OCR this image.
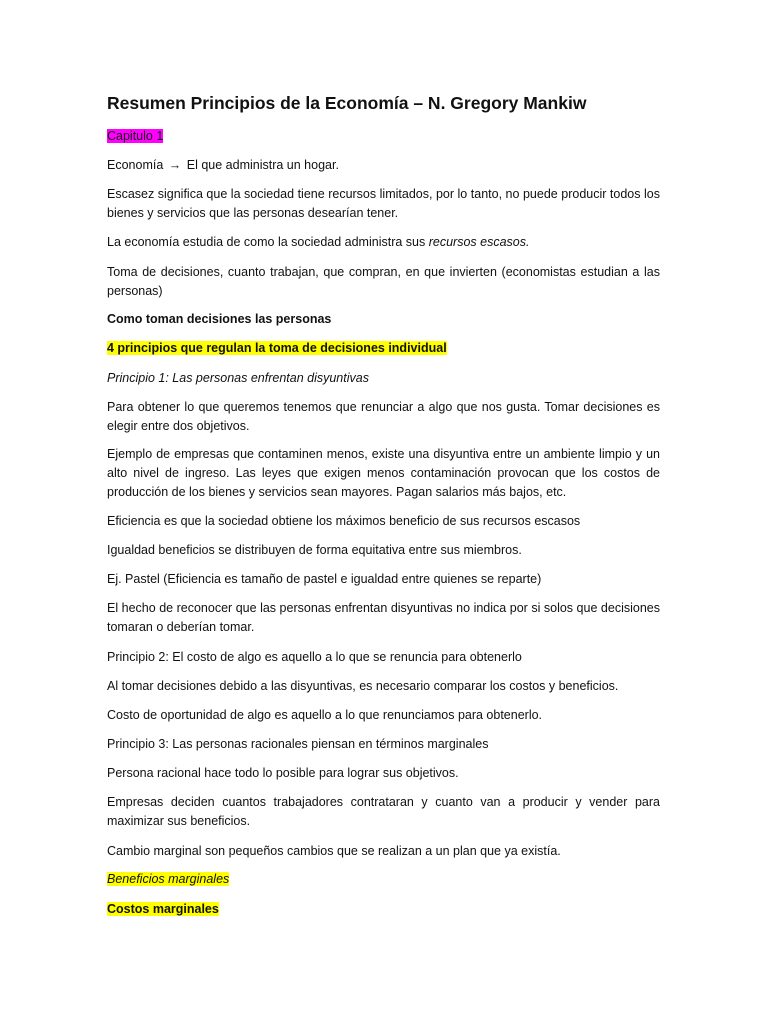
Resumen Principios de la Economía – N. Gregory Mankiw

Capitulo 1

Economía → El que administra un hogar.

Escasez significa que la sociedad tiene recursos limitados, por lo tanto, no puede producir todos los bienes y servicios que las personas desearían tener.

La economía estudia de como la sociedad administra sus recursos escasos.

Toma de decisiones, cuanto trabajan, que compran, en que invierten (economistas estudian a las personas)

Como toman decisiones las personas

4 principios que regulan la toma de decisiones individual

Principio 1: Las personas enfrentan disyuntivas

Para obtener lo que queremos tenemos que renunciar a algo que nos gusta. Tomar decisiones es elegir entre dos objetivos.

Ejemplo de empresas que contaminen menos, existe una disyuntiva entre un ambiente limpio y un alto nivel de ingreso. Las leyes que exigen menos contaminación provocan que los costos de producción de los bienes y servicios sean mayores. Pagan salarios más bajos, etc.

Eficiencia es que la sociedad obtiene los máximos beneficio de sus recursos escasos

Igualdad beneficios se distribuyen de forma equitativa entre sus miembros.

Ej. Pastel (Eficiencia es tamaño de pastel e igualdad entre quienes se reparte)

El hecho de reconocer que las personas enfrentan disyuntivas no indica por si solos que decisiones tomaran o deberían tomar.

Principio 2: El costo de algo es aquello a lo que se renuncia para obtenerlo

Al tomar decisiones debido a las disyuntivas, es necesario comparar los costos y beneficios.

Costo de oportunidad de algo es aquello a lo que renunciamos para obtenerlo.

Principio 3: Las personas racionales piensan en términos marginales

Persona racional hace todo lo posible para lograr sus objetivos.

Empresas deciden cuantos trabajadores contrataran y cuanto van a producir y vender para maximizar sus beneficios.

Cambio marginal son pequeños cambios que se realizan a un plan que ya existía.

Beneficios marginales

Costos marginales
